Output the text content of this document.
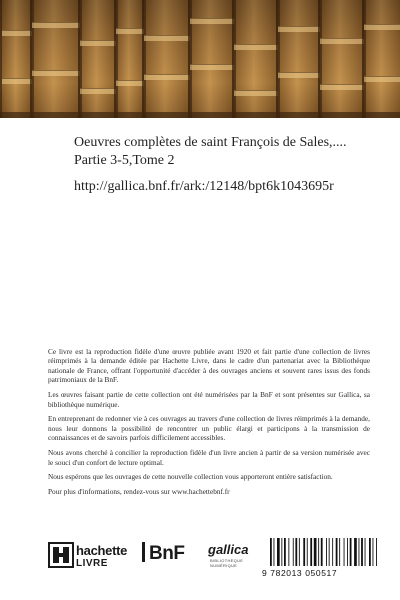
Oeuvres complètes de saint François de Sales,....
Partie 3-5,Tome 2
http://gallica.bnf.fr/ark:/12148/bpt6k1043695r

Ce livre est la reproduction fidèle d'une œuvre publiée avant 1920 et fait partie d'une collection de livres réimprimés à la demande éditée par Hachette Livre, dans le cadre d'un partenariat avec la Bibliothèque nationale de France, offrant l'opportunité d'accéder à des ouvrages anciens et souvent rares issus des fonds patrimoniaux de la BnF.

Les œuvres faisant partie de cette collection ont été numérisées par la BnF et sont présentes sur Gallica, sa bibliothèque numérique.

En entreprenant de redonner vie à ces ouvrages au travers d'une collection de livres réimprimés à la demande, nous leur donnons la possibilité de rencontrer un public élargi et participons à la transmission de connaissances et de savoirs parfois difficilement accessibles.

Nous avons cherché à concilier la reproduction fidèle d'un livre ancien à partir de sa version numérisée avec le souci d'un confort de lecture optimal.

Nous espérons que les ouvrages de cette nouvelle collection vous apporteront entière satisfaction.

Pour plus d'informations, rendez-vous sur www.hachettebnf.fr

hachette
LIVRE	BnF gallica
BIBLIOTHÈQUE NUMÉRIQUE
9 782013 050517
